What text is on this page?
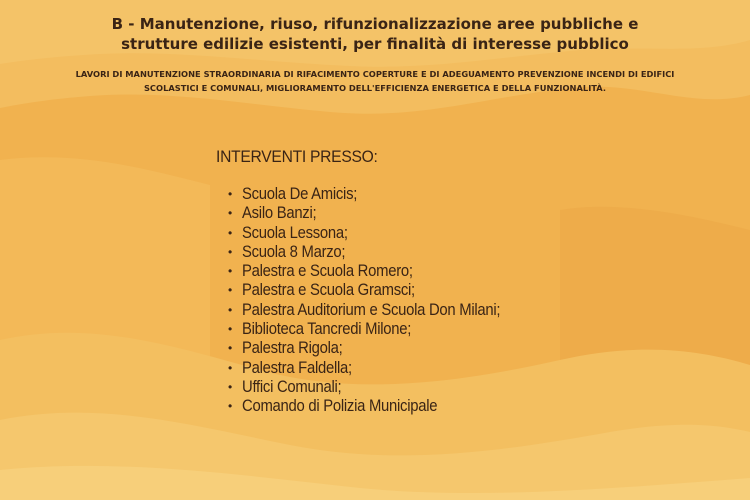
B - Manutenzione, riuso, rifunzionalizzazione aree pubbliche e
strutture edilizie esistenti, per finalità di interesse pubblico
LAVORI DI MANUTENZIONE STRAORDINARIA DI RIFACIMENTO COPERTURE E DI ADEGUAMENTO PREVENZIONE INCENDI DI EDIFICI
SCOLASTICI E COMUNALI, MIGLIORAMENTO DELL'EFFICIENZA ENERGETICA E DELLA FUNZIONALITÀ.
INTERVENTI PRESSO:
• Scuola De Amicis;
• Asilo Banzi;
• Scuola Lessona;
• Scuola 8 Marzo;
• Palestra e Scuola Romero;
• Palestra e Scuola Gramsci;
• Palestra Auditorium e Scuola Don Milani;
• Biblioteca Tancredi Milone;
• Palestra Rigola;
• Palestra Faldella;
• Uffici Comunali;
• Comando di Polizia Municipale
